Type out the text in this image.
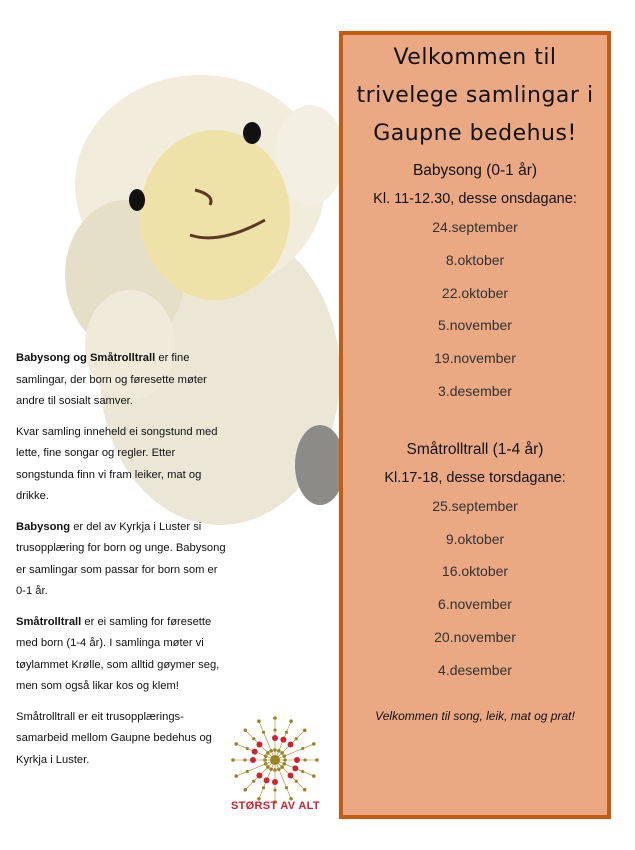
Babysong og Småtrolltrall er fine samlingar, der born og føresette møter andre til sosialt samver.

Kvar samling inneheld ei songstund med lette, fine songar og regler. Etter songstunda finn vi fram leiker, mat og drikke.

Babysong er del av Kyrkja i Luster si trusopplæring for born og unge. Babysong er samlingar som passar for born som er 0-1 år.

Småtrolltrall er ei samling for føresette med born (1-4 år). I samlinga møter vi tøylammet Krølle, som alltid gøymer seg, men som også likar kos og klem!

Småtrolltrall er eit trusopplærings-samarbeid mellom Gaupne bedehus og Kyrkja i Luster.

STØRST AV ALT
Velkommen til
trivelege samlingar i
Gaupne bedehus!
Babysong (0-1 år)
Kl. 11-12.30, desse onsdagane:
24.september
8.oktober
22.oktober
5.november
19.november
3.desember
Småtrolltrall (1-4 år)
Kl.17-18, desse torsdagane:
25.september
9.oktober
16.oktober
6.november
20.november
4.desember
Velkommen til song, leik, mat og prat!
